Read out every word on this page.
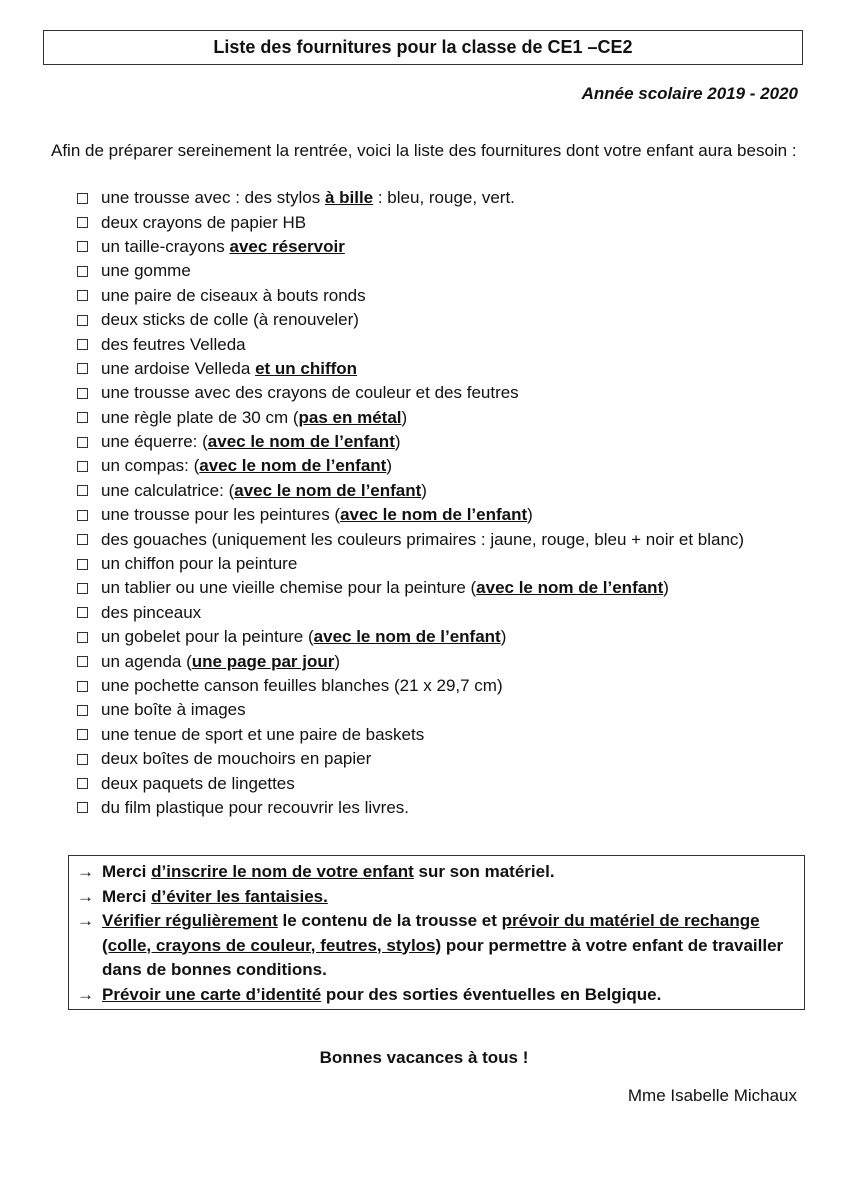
Liste des fournitures pour la classe de CE1 –CE2
Année scolaire 2019 - 2020
Afin de préparer sereinement la rentrée, voici la liste des fournitures dont votre enfant aura besoin :
une trousse avec : des stylos à bille : bleu, rouge, vert.
deux crayons de papier HB
un taille-crayons avec réservoir
une gomme
une paire de ciseaux à bouts ronds
deux sticks de colle (à renouveler)
des feutres Velleda
une ardoise Velleda et un chiffon
une trousse avec des crayons de couleur et des feutres
une règle plate de 30 cm (pas en métal)
une équerre: (avec le nom de l’enfant)
un compas: (avec le nom de l’enfant)
une calculatrice: (avec le nom de l’enfant)
une trousse pour les peintures (avec le nom de l’enfant)
des gouaches (uniquement les couleurs primaires : jaune, rouge, bleu + noir et blanc)
un chiffon pour la peinture
un tablier ou une vieille chemise pour la peinture (avec le nom de l’enfant)
des pinceaux
un gobelet pour la peinture (avec le nom de l’enfant)
un agenda (une page par jour)
une pochette canson feuilles blanches (21 x 29,7 cm)
une boîte à images
une tenue de sport et une paire de baskets
deux boîtes de mouchoirs en papier
deux paquets de lingettes
du film plastique pour recouvrir les livres.
→ Merci d’inscrire le nom de votre enfant sur son matériel.
→ Merci d’éviter les fantaisies.
→ Vérifier régulièrement le contenu de la trousse et prévoir du matériel de rechange (colle, crayons de couleur, feutres, stylos) pour permettre à votre enfant de travailler dans de bonnes conditions.
→ Prévoir une carte d’identité pour des sorties éventuelles en Belgique.
Bonnes vacances à tous !
Mme Isabelle Michaux
